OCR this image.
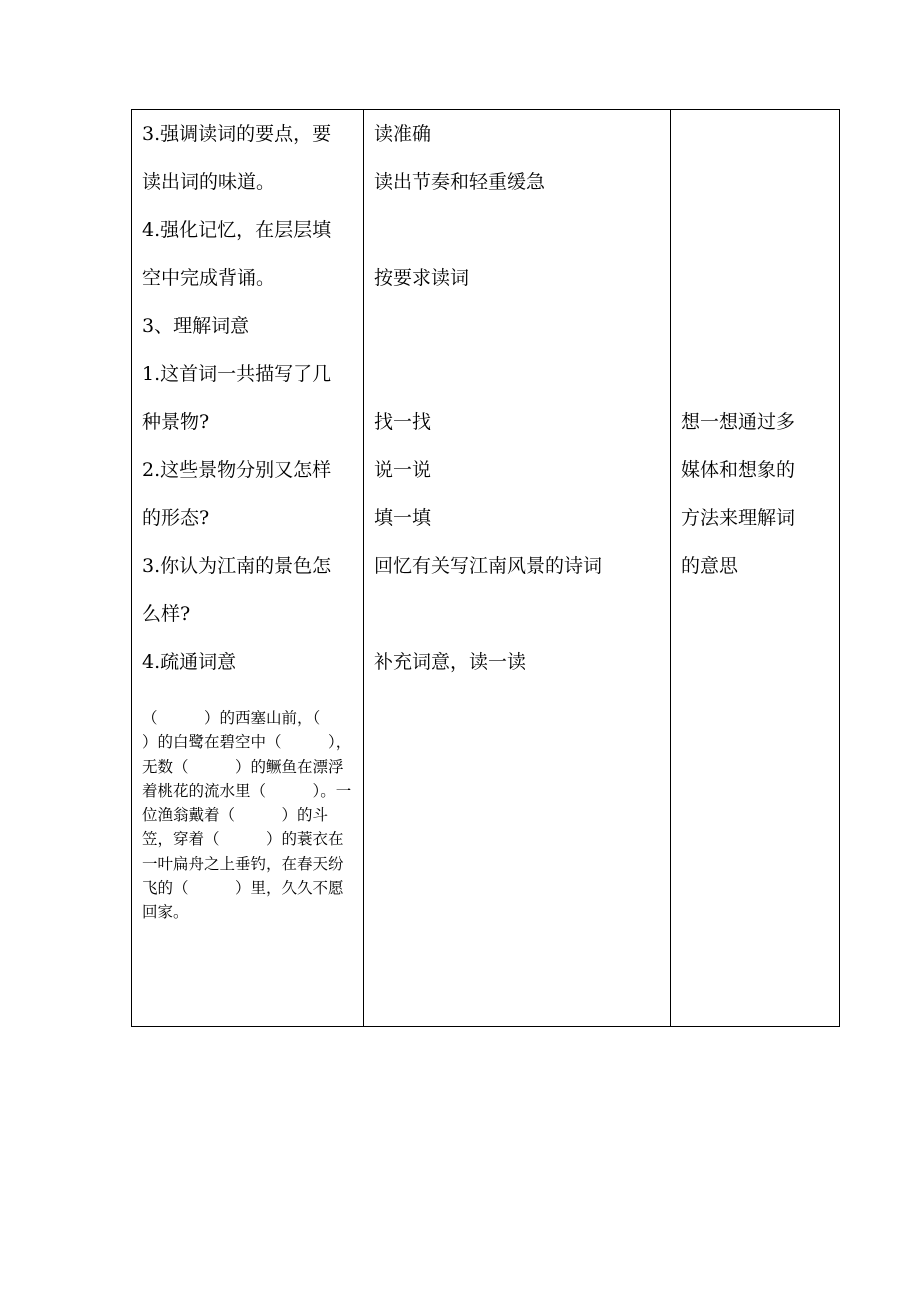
3.强调读词的要点，要
读出词的味道。
4.强化记忆，在层层填
空中完成背诵。
3、理解词意
1.这首词一共描写了几
种景物?
2.这些景物分别又怎样
的形态?
3.你认为江南的景色怎
么样?
4.疏通词意
（　　　）的西塞山前，（　　　）的白鹭在碧空中（　　　），无数（　　　）的鳜鱼在漂浮着桃花的流水里（　　　）。一位渔翁戴着（　　　）的斗笠，穿着（　　　）的蓑衣在一叶扁舟之上垂钓，在春天纷飞的（　　　）里，久久不愿回家。

读准确
读出节奏和轻重缓急
按要求读词
找一找
说一说
填一填
回忆有关写江南风景的诗词
补充词意，读一读

想一想通过多
媒体和想象的
方法来理解词
的意思
